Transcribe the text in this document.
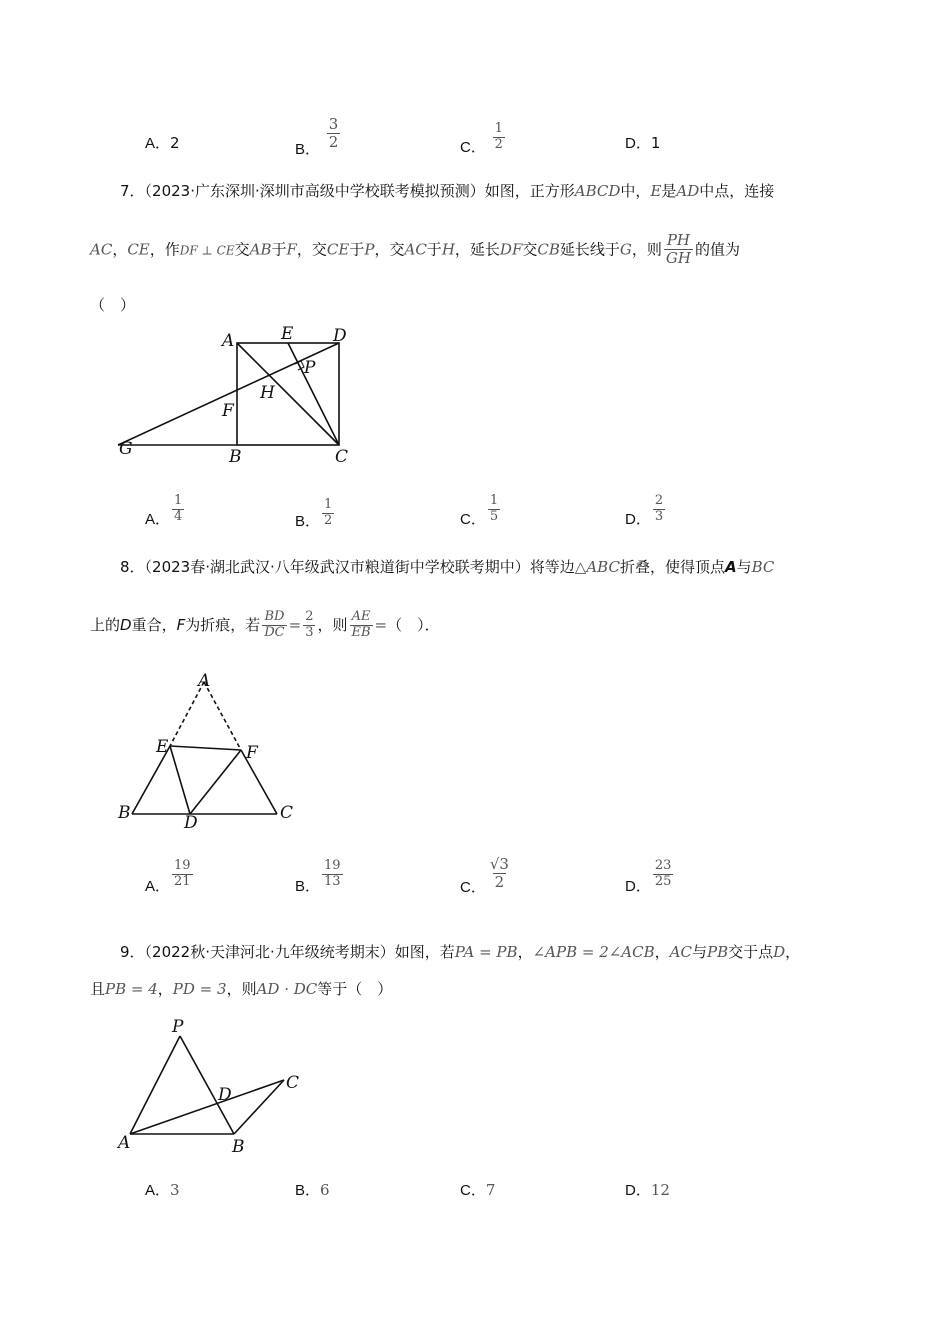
A．2	B． $\frac{3}{2}$	C． $\frac{1}{2}$	D．1
7．（2023·广东深圳·深圳市高级中学校联考模拟预测）如图，正方形ABCD中，E是AD中点，连接
AC，CE，作DF ⊥ CE交AB于F，交CE于P，交AC于H，延长DF交CB延长线于G，则 $\frac{PH}{GH}$ 的值为
（　）
A	E D
P
H
F
G	B	C
A． $\frac{1}{4}$	B． $\frac{1}{2}$	C． $\frac{1}{5}$	D． $\frac{2}{3}$
8．（2023春·湖北武汉·八年级武汉市粮道街中学校联考期中）将等边△ABC折叠，使得顶点A与BC
上的D重合，F为折痕，若 $\frac{BD}{DC} = \frac{2}{3}$ ，则 $\frac{AE}{EB}$ =（　）．
A
E	F
B	D	C
A． $\frac{19}{21}$	B． $\frac{19}{13}$	C． $\frac{√3}{2}$	D． $\frac{23}{25}$
9．（2022秋·天津河北·九年级统考期末）如图，若PA = PB，∠APB = 2∠ACB，AC与PB交于点D，
且PB = 4，PD = 3，则AD · DC等于（　）
P
C
D
A	B
A．3	B．6	C．7	D．12
